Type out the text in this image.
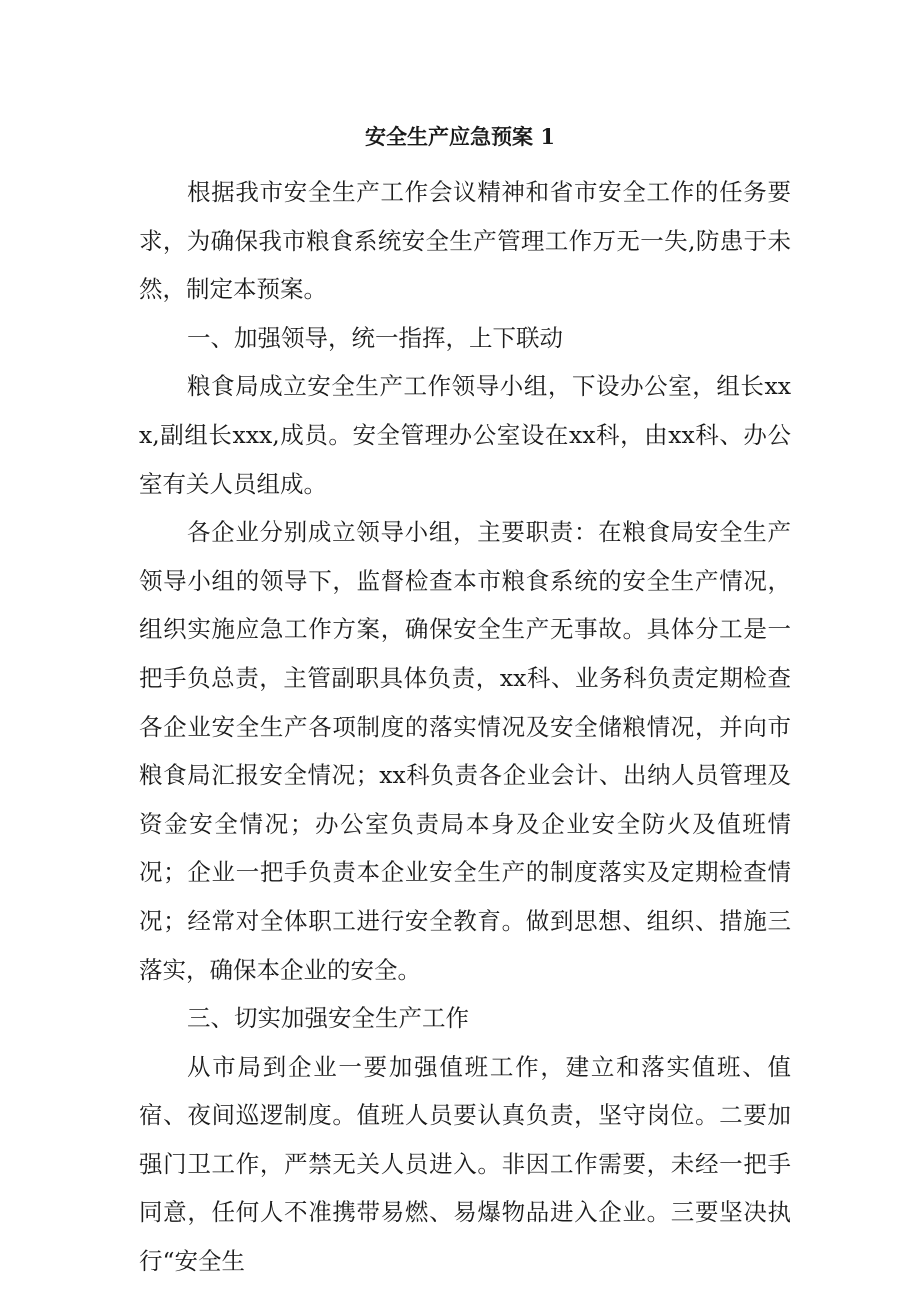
安全生产应急预案 1

根据我市安全生产工作会议精神和省市安全工作的任务要求，为确保我市粮食系统安全生产管理工作万无一失,防患于未然，制定本预案。

一、加强领导，统一指挥，上下联动

粮食局成立安全生产工作领导小组，下设办公室，组长xxx,副组长xxx,成员。安全管理办公室设在xx科，由xx科、办公室有关人员组成。

各企业分别成立领导小组，主要职责：在粮食局安全生产领导小组的领导下，监督检查本市粮食系统的安全生产情况，组织实施应急工作方案，确保安全生产无事故。具体分工是一把手负总责，主管副职具体负责，xx科、业务科负责定期检查各企业安全生产各项制度的落实情况及安全储粮情况，并向市粮食局汇报安全情况；xx科负责各企业会计、出纳人员管理及资金安全情况；办公室负责局本身及企业安全防火及值班情况；企业一把手负责本企业安全生产的制度落实及定期检查情况；经常对全体职工进行安全教育。做到思想、组织、措施三落实，确保本企业的安全。

三、切实加强安全生产工作

从市局到企业一要加强值班工作，建立和落实值班、值宿、夜间巡逻制度。值班人员要认真负责，坚守岗位。二要加强门卫工作，严禁无关人员进入。非因工作需要，未经一把手同意，任何人不准携带易燃、易爆物品进入企业。三要坚决执行“安全生
